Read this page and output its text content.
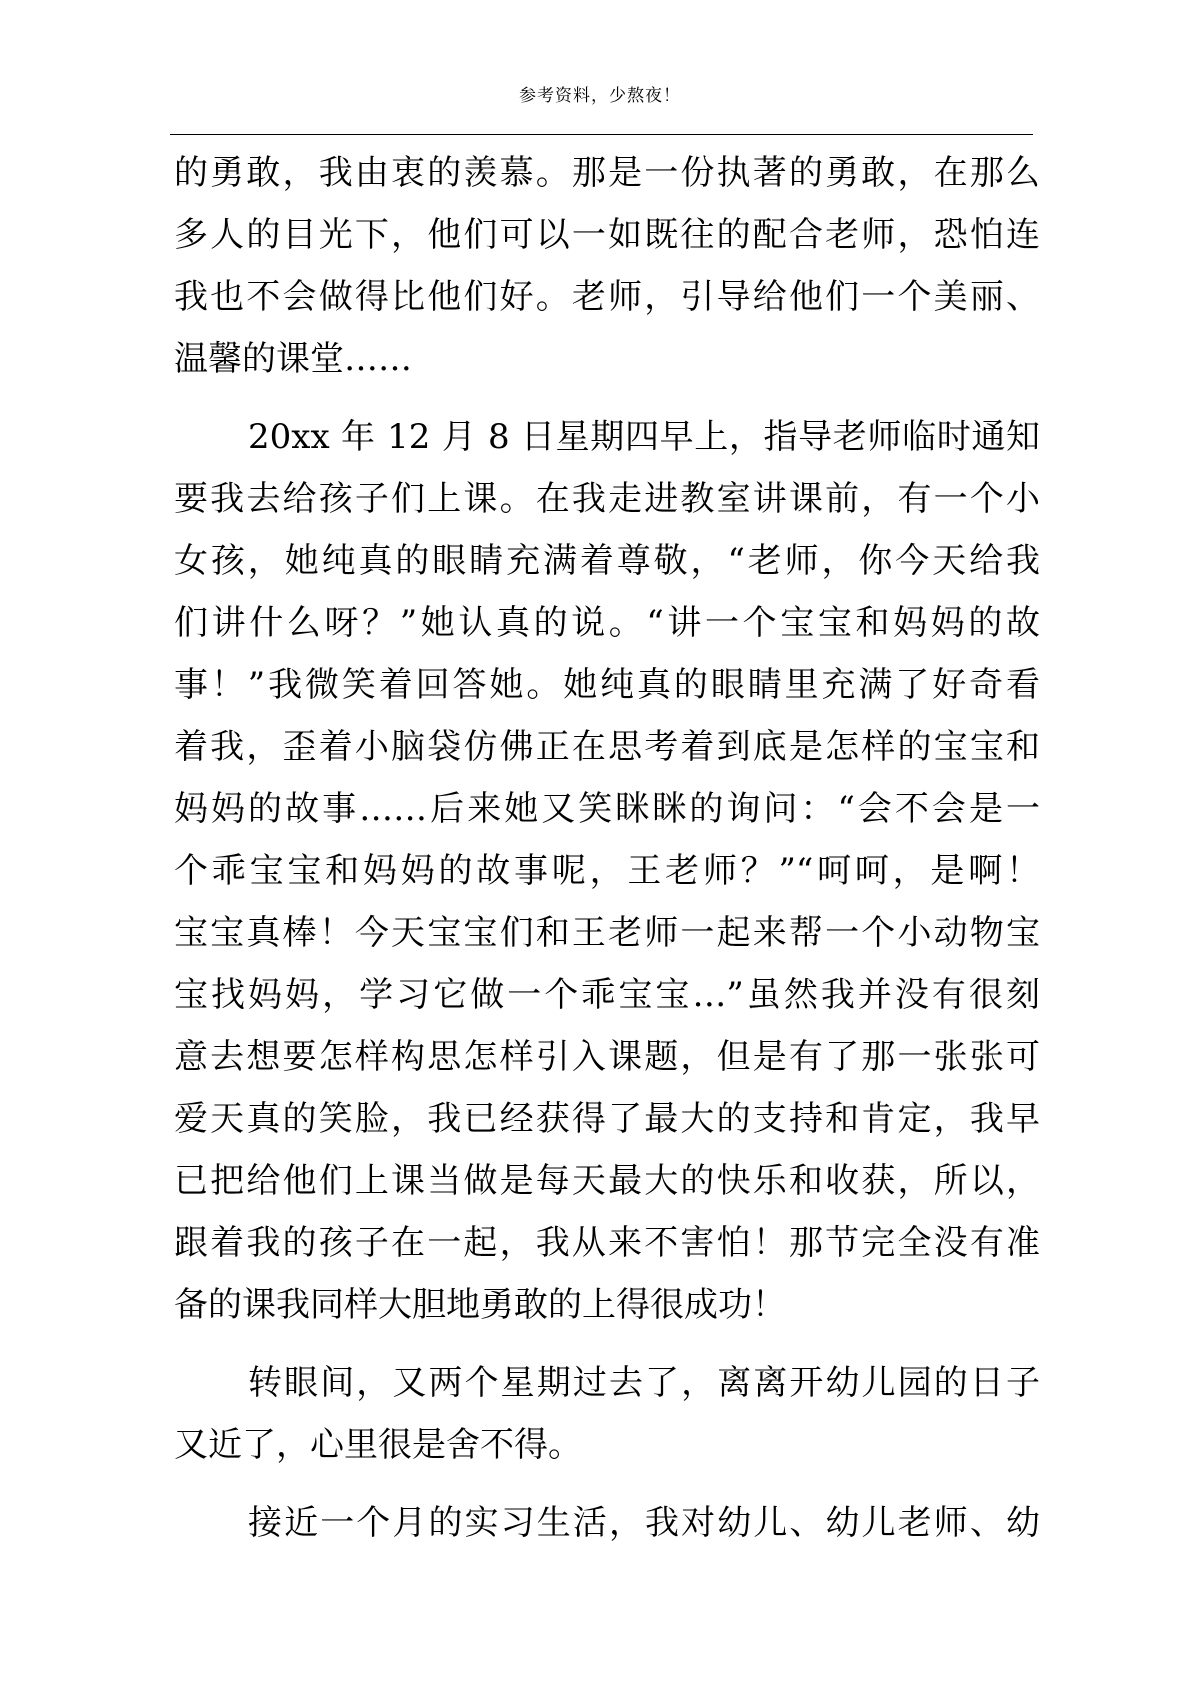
参考资料，少熬夜！
的勇敢，我由衷的羡慕。那是一份执著的勇敢，在那么
多人的目光下，他们可以一如既往的配合老师，恐怕连
我也不会做得比他们好。老师，引导给他们一个美丽、
温馨的课堂……
20xx 年 12 月 8 日星期四早上，指导老师临时通知
要我去给孩子们上课。在我走进教室讲课前，有一个小
女孩，她纯真的眼睛充满着尊敬，“老师，你今天给我
们讲什么呀？”她认真的说。“讲一个宝宝和妈妈的故
事！”我微笑着回答她。她纯真的眼睛里充满了好奇看
着我，歪着小脑袋仿佛正在思考着到底是怎样的宝宝和
妈妈的故事……后来她又笑眯眯的询问：“会不会是一
个乖宝宝和妈妈的故事呢，王老师？”“呵呵，是啊！
宝宝真棒！今天宝宝们和王老师一起来帮一个小动物宝
宝找妈妈，学习它做一个乖宝宝…”虽然我并没有很刻
意去想要怎样构思怎样引入课题，但是有了那一张张可
爱天真的笑脸，我已经获得了最大的支持和肯定，我早
已把给他们上课当做是每天最大的快乐和收获，所以，
跟着我的孩子在一起，我从来不害怕！那节完全没有准
备的课我同样大胆地勇敢的上得很成功！
转眼间，又两个星期过去了，离离开幼儿园的日子
又近了，心里很是舍不得。
接近一个月的实习生活，我对幼儿、幼儿老师、幼
